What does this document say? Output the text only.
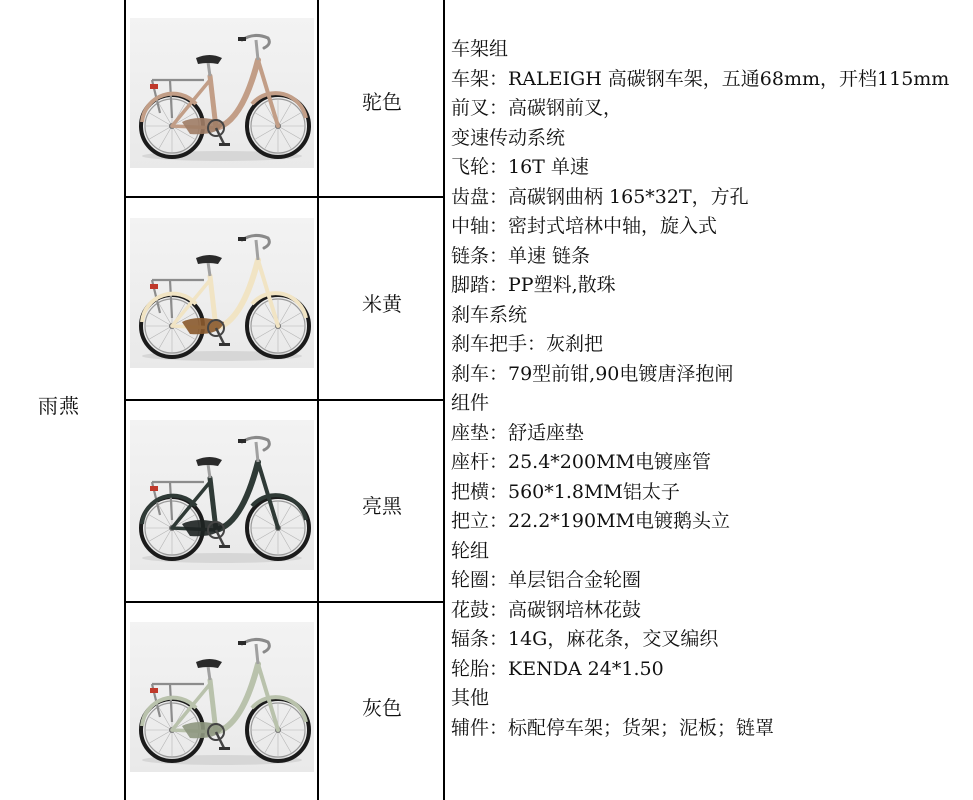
雨燕
驼色
米黄
亮黑
灰色
车架组
车架：RALEIGH 高碳钢车架，五通68mm，开档115mm
前叉：高碳钢前叉，
变速传动系统
飞轮：16T 单速
齿盘：高碳钢曲柄 165*32T，方孔
中轴：密封式培林中轴，旋入式
链条：单速 链条
脚踏：PP塑料,散珠
刹车系统
刹车把手：灰刹把
刹车：79型前钳,90电镀唐泽抱闸
组件
座垫：舒适座垫
座杆：25.4*200MM电镀座管
把横：560*1.8MM铝太子
把立：22.2*190MM电镀鹅头立
轮组
轮圈：单层铝合金轮圈
花鼓：高碳钢培林花鼓
辐条：14G，麻花条，交叉编织
轮胎：KENDA 24*1.50
其他
辅件：标配停车架；货架；泥板；链罩
